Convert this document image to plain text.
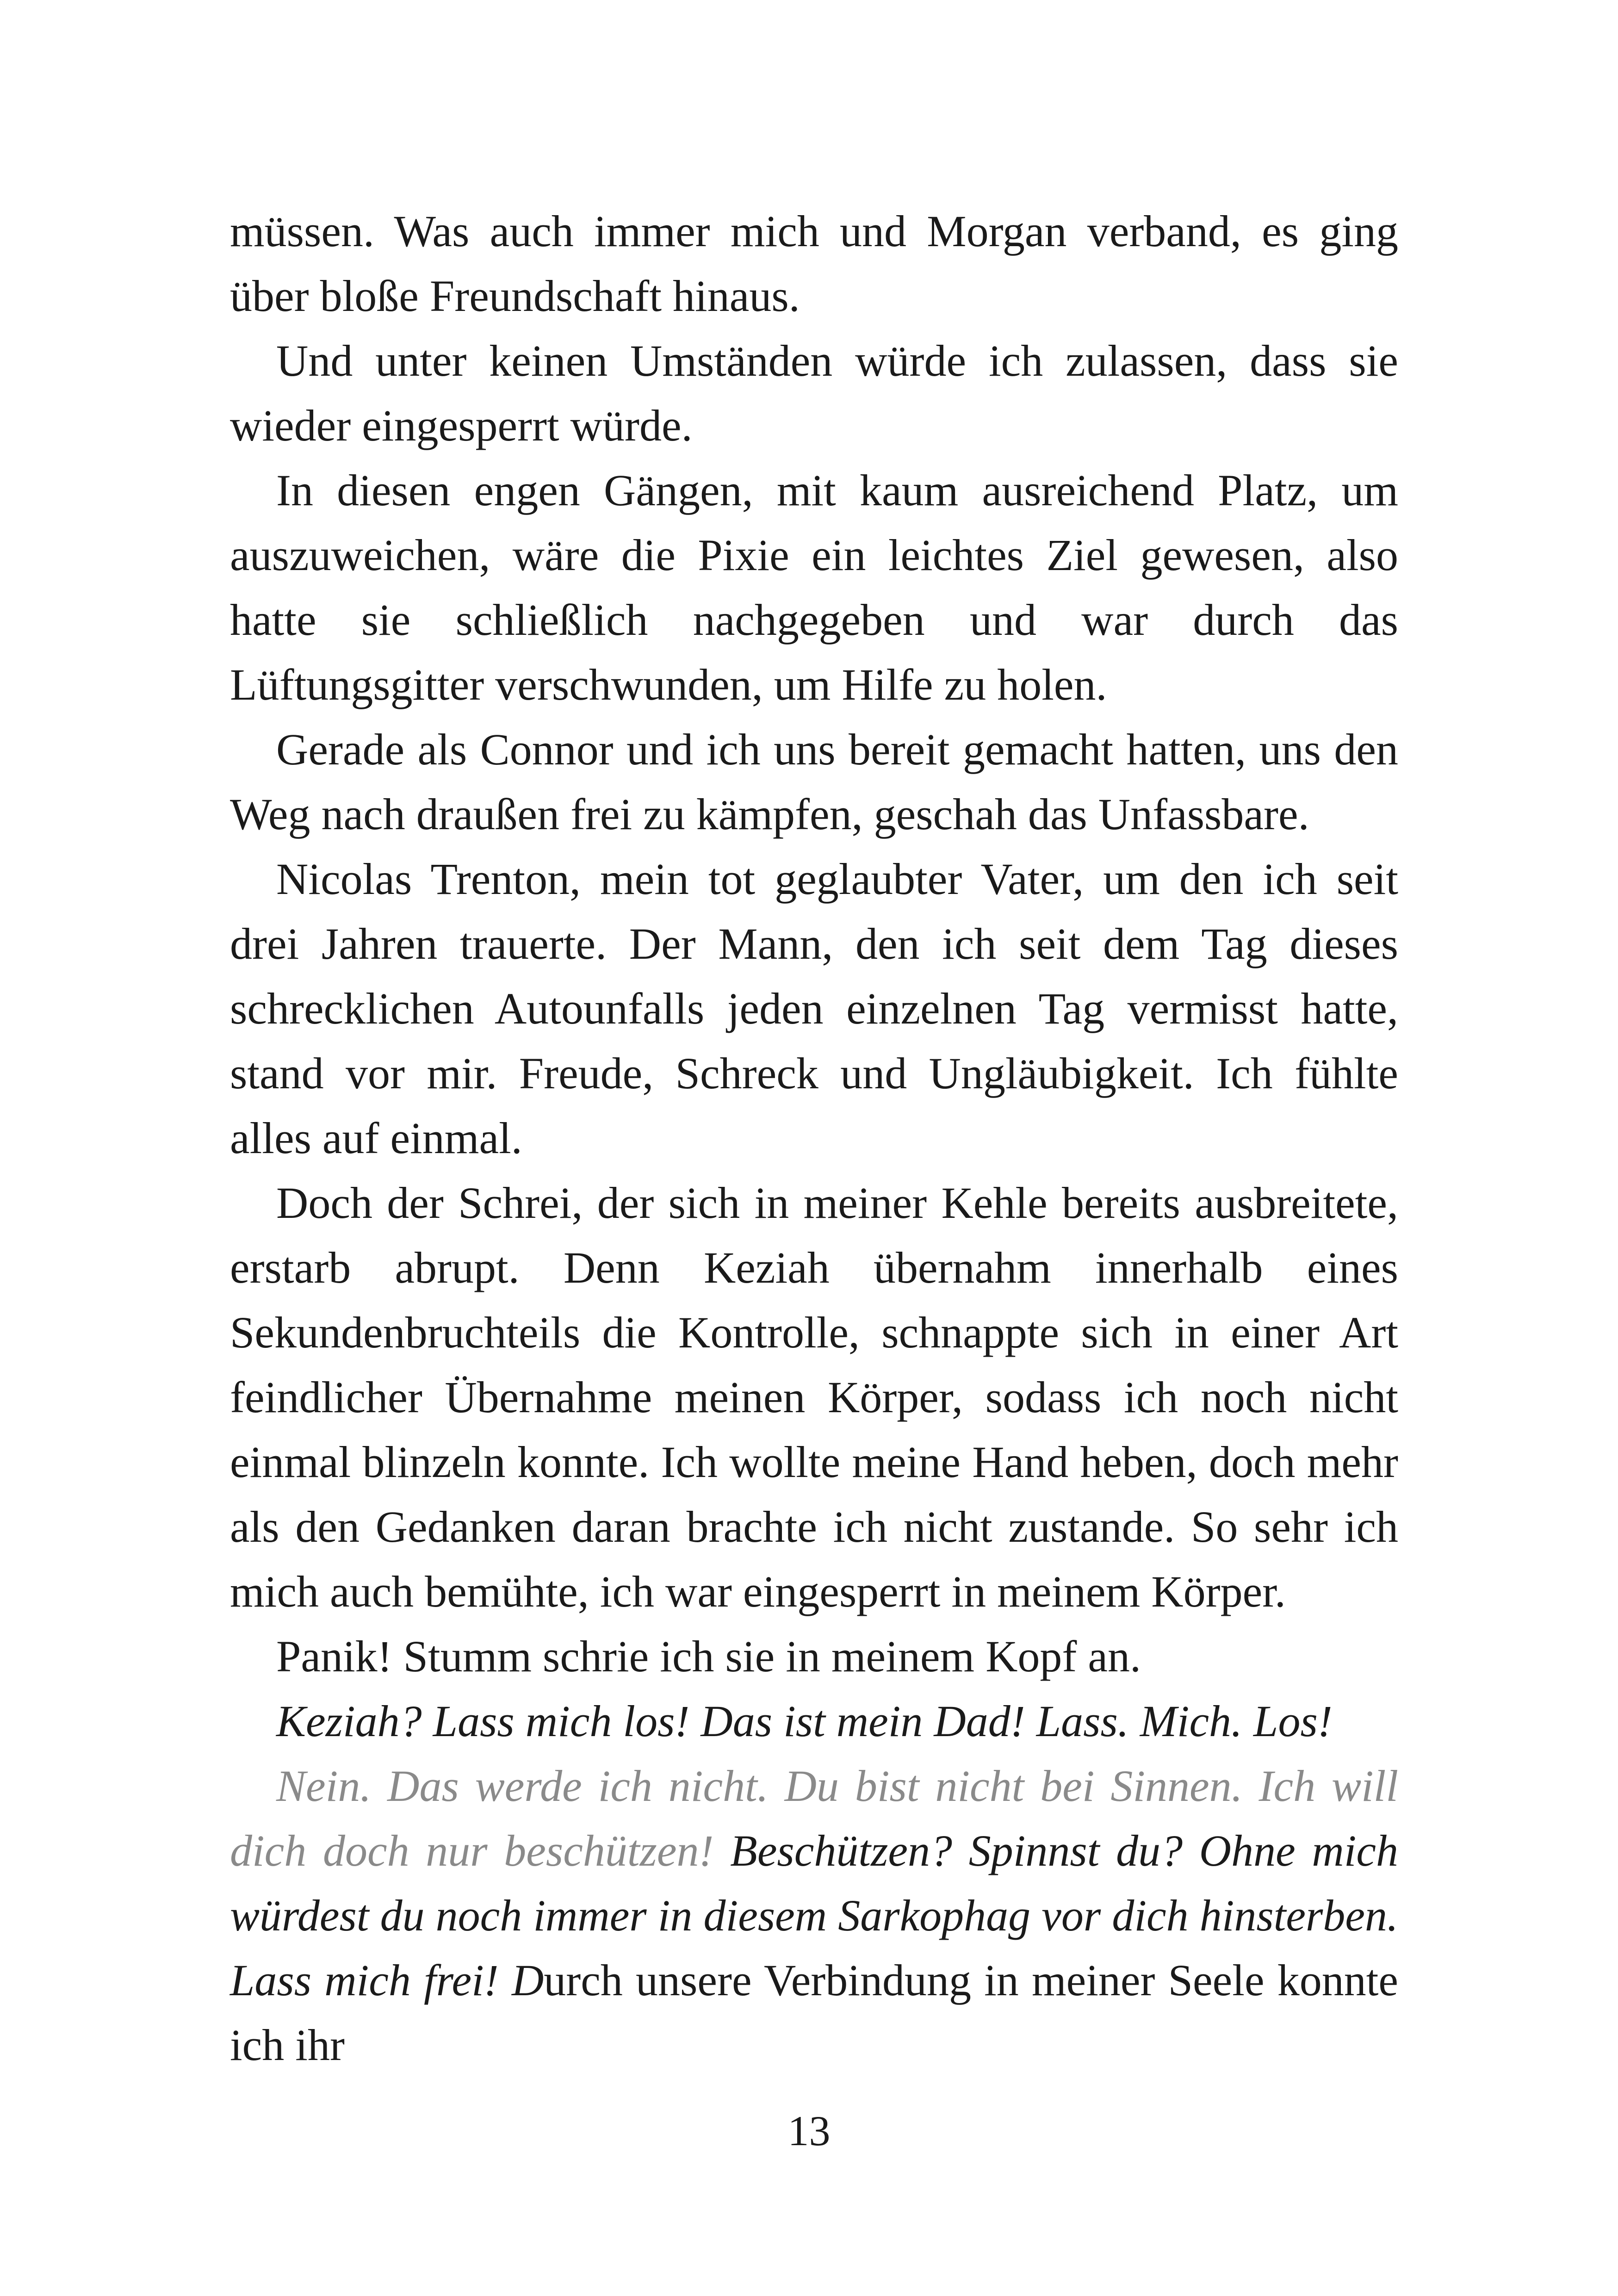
müssen. Was auch immer mich und Morgan verband, es ging über bloße Freundschaft hinaus.

Und unter keinen Umständen würde ich zulassen, dass sie wieder eingesperrt würde.

In diesen engen Gängen, mit kaum ausreichend Platz, um auszuweichen, wäre die Pixie ein leichtes Ziel gewesen, also hatte sie schließlich nachgegeben und war durch das Lüftungsgitter verschwunden, um Hilfe zu holen.

Gerade als Connor und ich uns bereit gemacht hatten, uns den Weg nach draußen frei zu kämpfen, geschah das Unfassbare.

Nicolas Trenton, mein tot geglaubter Vater, um den ich seit drei Jahren trauerte. Der Mann, den ich seit dem Tag dieses schrecklichen Autounfalls jeden einzelnen Tag vermisst hatte, stand vor mir. Freude, Schreck und Ungläubigkeit. Ich fühlte alles auf einmal.

Doch der Schrei, der sich in meiner Kehle bereits ausbreitete, erstarb abrupt. Denn Keziah übernahm innerhalb eines Sekundenbruchteils die Kontrolle, schnappte sich in einer Art feindlicher Übernahme meinen Körper, sodass ich noch nicht einmal blinzeln konnte. Ich wollte meine Hand heben, doch mehr als den Gedanken daran brachte ich nicht zustande. So sehr ich mich auch bemühte, ich war eingesperrt in meinem Körper.

Panik! Stumm schrie ich sie in meinem Kopf an.

Keziah? Lass mich los! Das ist mein Dad! Lass. Mich. Los!

Nein. Das werde ich nicht. Du bist nicht bei Sinnen. Ich will dich doch nur beschützen! Beschützen? Spinnst du? Ohne mich würdest du noch immer in diesem Sarkophag vor dich hinsterben. Lass mich frei! Durch unsere Verbindung in meiner Seele konnte ich ihr

13
